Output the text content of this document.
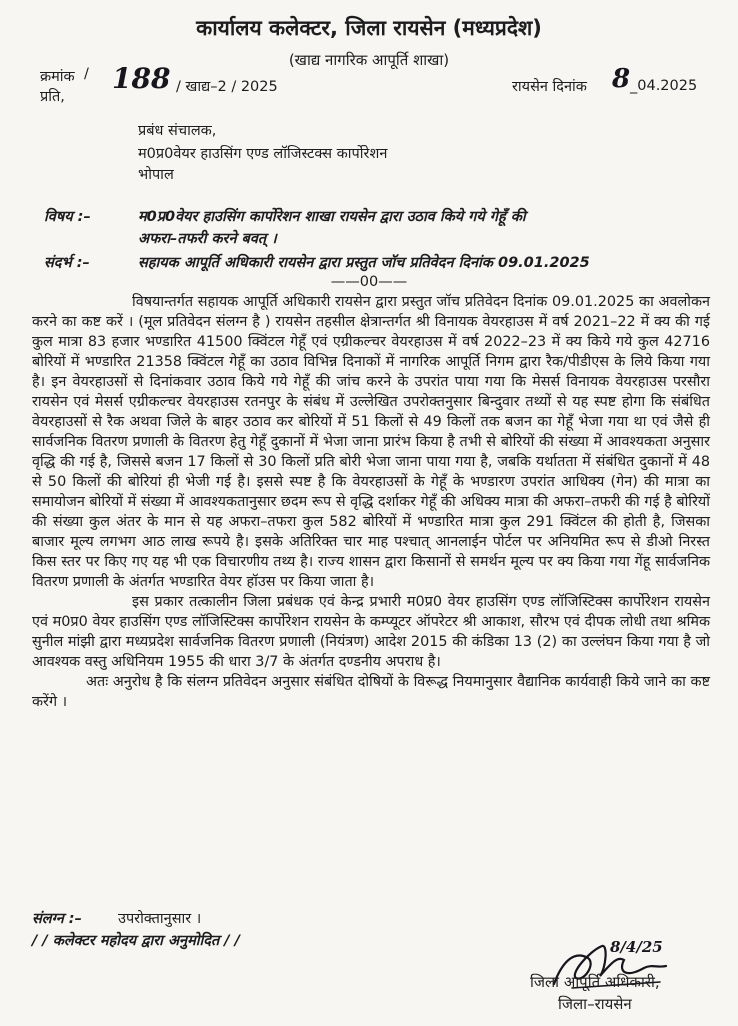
कार्यालय कलेक्टर, जिला रायसेन (मध्यप्रदेश)
(खाद्य नागरिक आपूर्ति शाखा)
क्रमांक /
प्रति,
188 / खाद्य–2 / 2025	रायसेन दिनांक 8 _04.2025
प्रबंध संचालक,
म0प्र0वेयर हाउसिंग एण्ड लॉजिस्टक्स कार्पोरेशन
भोपाल
विषय :–	म0प्र0वेयर हाउसिंग कार्पोरेशन शाखा रायसेन द्वारा उठाव किये गये गेहूँ की
अफरा–तफरी करने बवत् ।
संदर्भ :–	सहायक आपूर्ति अधिकारी रायसेन द्वारा प्रस्तुत जॉच प्रतिवेदन दिनांक 09.01.2025
——00——

विषयान्तर्गत सहायक आपूर्ति अधिकारी रायसेन द्वारा प्रस्तुत जॉच प्रतिवेदन दिनांक 09.01.2025 का अवलोकन करने का कष्ट करें । (मूल प्रतिवेदन संलग्न है ) रायसेन तहसील क्षेत्रान्तर्गत श्री विनायक वेयरहाउस में वर्ष 2021–22 में क्य की गई कुल मात्रा 83 हजार भण्डारित 41500 क्विंटल गेहूँ एवं एग्रीकल्चर वेयरहाउस में वर्ष 2022–23 में क्य किये गये कुल 42716 बोरियों में भण्डारित 21358 क्विंटल गेहूँ का उठाव विभिन्न दिनाकों में नागरिक आपूर्ति निगम द्वारा रैक/पीडीएस के लिये किया गया है। इन वेयरहाउसों से दिनांकवार उठाव किये गये गेहूँ की जांच करने के उपरांत पाया गया कि मेसर्स विनायक वेयरहाउस परसौरा रायसेन एवं मेसर्स एग्रीकल्चर वेयरहाउस रतनपुर के संबंध में उल्लेखित उपरोक्तनुसार बिन्दुवार तथ्यों से यह स्पष्ट होगा कि संबंधित वेयरहाउसों से रैक अथवा जिले के बाहर उठाव कर बोरियों में 51 किलों से 49 किलों तक बजन का गेहूँ भेजा गया था एवं जैसे ही सार्वजनिक वितरण प्रणाली के वितरण हेतु गेहूँ दुकानों में भेजा जाना प्रारंभ किया है तभी से बोरियों की संख्या में आवश्यकता अनुसार वृद्धि की गई है, जिससे बजन 17 किलों से 30 किलों प्रति बोरी भेजा जाना पाया गया है, जबकि यर्थातता में संबंधित दुकानों में 48 से 50 किलों की बोरियां ही भेजी गई है। इससे स्पष्ट है कि वेयरहाउसों के गेहूँ के भण्डारण उपरांत आधिक्य (गेन) की मात्रा का समायोजन बोरियों में संख्या में आवश्यकतानुसार छदम रूप से वृद्धि दर्शाकर गेहूँ की अधिक्य मात्रा की अफरा–तफरी की गई है बोरियों की संख्या कुल अंतर के मान से यह अफरा–तफरा कुल 582 बोरियों में भण्डारित मात्रा कुल 291 क्विंटल की होती है, जिसका बाजार मूल्य लगभग आठ लाख रूपये है। इसके अतिरिक्त चार माह पश्चात् आनलाईन पोर्टल पर अनियमित रूप से डीओ निरस्त किस स्तर पर किए गए यह भी एक विचारणीय तथ्य है। राज्य शासन द्वारा किसानों से समर्थन मूल्य पर क्य किया गया गेंहू सार्वजनिक वितरण प्रणाली के अंतर्गत भण्डारित वेयर हॉउस पर किया जाता है।

इस प्रकार तत्कालीन जिला प्रबंधक एवं केन्द्र प्रभारी म0प्र0 वेयर हाउसिंग एण्ड लॉजिस्टिक्स कार्पोरेशन रायसेन एवं म0प्र0 वेयर हाउसिंग एण्ड लॉजिस्टिक्स कार्पोरेशन रायसेन के कम्प्यूटर ऑपरेटर श्री आकाश, सौरभ एवं दीपक लोधी तथा श्रमिक सुनील मांझी द्वारा मध्यप्रदेश सार्वजनिक वितरण प्रणाली (नियंत्रण) आदेश 2015 की कंडिका 13 (2) का उल्लंघन किया गया है जो आवश्यक वस्तु अधिनियम 1955 की धारा 3/7 के अंतर्गत दण्डनीय अपराध है।

अतः अनुरोध है कि संलग्न प्रतिवेदन अनुसार संबंधित दोषियों के विरूद्ध नियमानुसार वैद्यानिक कार्यवाही किये जाने का कष्ट करेंगे ।

संलग्न :– उपरोक्तानुसार ।
/ / कलेक्टर महोदय द्वारा अनुमोदित / /	8/4/25
जिला आपूर्ति अधिकारी,
जिला–रायसेन
